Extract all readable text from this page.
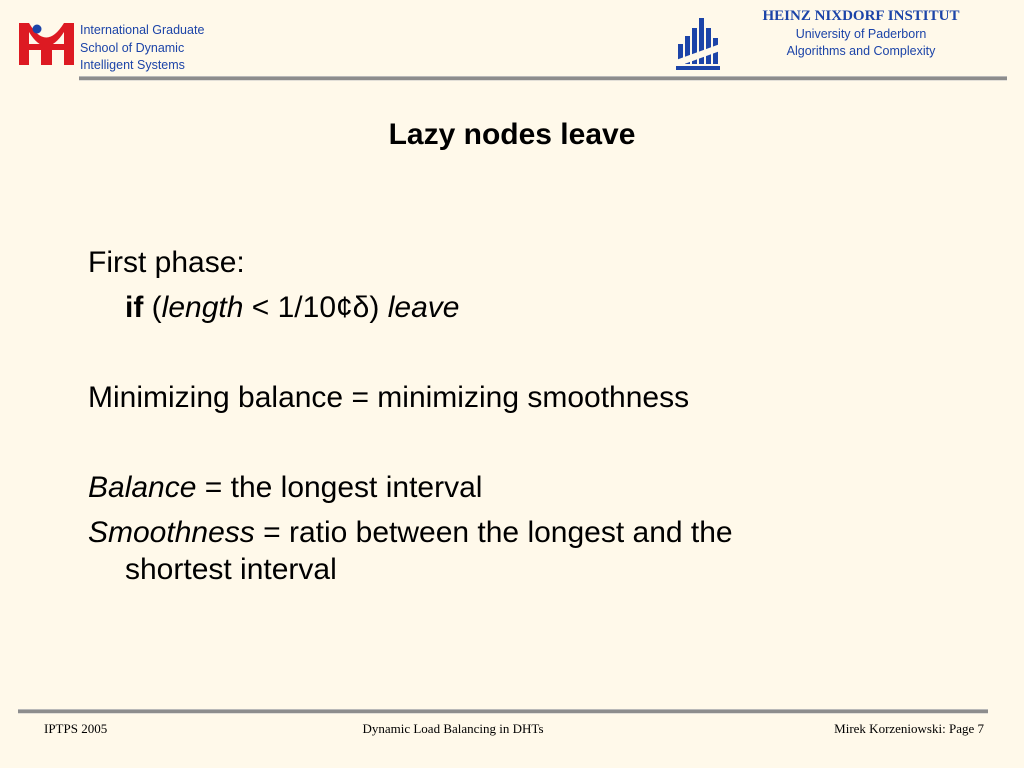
International Graduate
School of Dynamic
Intelligent Systems
HEINZ NIXDORF INSTITUT
University of Paderborn
Algorithms and Complexity
Lazy nodes leave
First phase:
if (length < 1/10¢δ) leave
Minimizing balance = minimizing smoothness
Balance = the longest interval
Smoothness = ratio between the longest and the
shortest interval
IPTPS 2005	Dynamic Load Balancing in DHTs	Mirek Korzeniowski: Page 7
